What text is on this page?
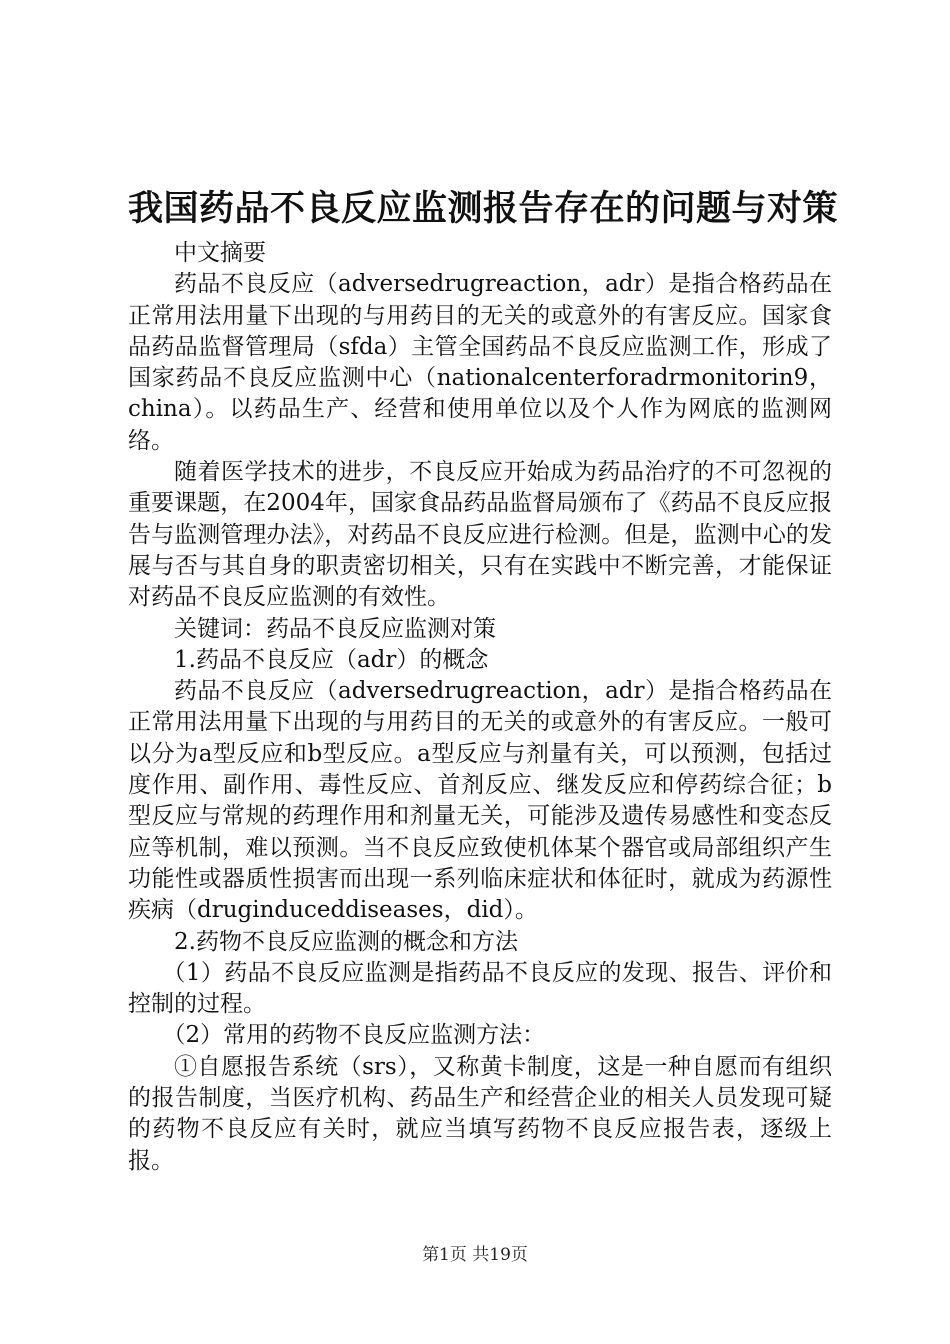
我国药品不良反应监测报告存在的问题与对策

中文摘要

药品不良反应（adversedrugreaction，adr）是指合格药品在正常用法用量下出现的与用药目的无关的或意外的有害反应。国家食品药品监督管理局（sfda）主管全国药品不良反应监测工作，形成了国家药品不良反应监测中心（nationalcenterforadrmonitorin9，china）。以药品生产、经营和使用单位以及个人作为网底的监测网络。

随着医学技术的进步，不良反应开始成为药品治疗的不可忽视的重要课题，在2004年，国家食品药品监督局颁布了《药品不良反应报告与监测管理办法》，对药品不良反应进行检测。但是，监测中心的发展与否与其自身的职责密切相关，只有在实践中不断完善，才能保证对药品不良反应监测的有效性。

关键词：药品不良反应监测对策

1.药品不良反应（adr）的概念

药品不良反应（adversedrugreaction，adr）是指合格药品在正常用法用量下出现的与用药目的无关的或意外的有害反应。一般可以分为a型反应和b型反应。a型反应与剂量有关，可以预测，包括过度作用、副作用、毒性反应、首剂反应、继发反应和停药综合征；b型反应与常规的药理作用和剂量无关，可能涉及遗传易感性和变态反应等机制，难以预测。当不良反应致使机体某个器官或局部组织产生功能性或器质性损害而出现一系列临床症状和体征时，就成为药源性疾病（druginduceddiseases，did）。

2.药物不良反应监测的概念和方法

（1）药品不良反应监测是指药品不良反应的发现、报告、评价和控制的过程。

（2）常用的药物不良反应监测方法：

①自愿报告系统（srs），又称黄卡制度，这是一种自愿而有组织的报告制度，当医疗机构、药品生产和经营企业的相关人员发现可疑的药物不良反应有关时，就应当填写药物不良反应报告表，逐级上报。

第1页 共19页
